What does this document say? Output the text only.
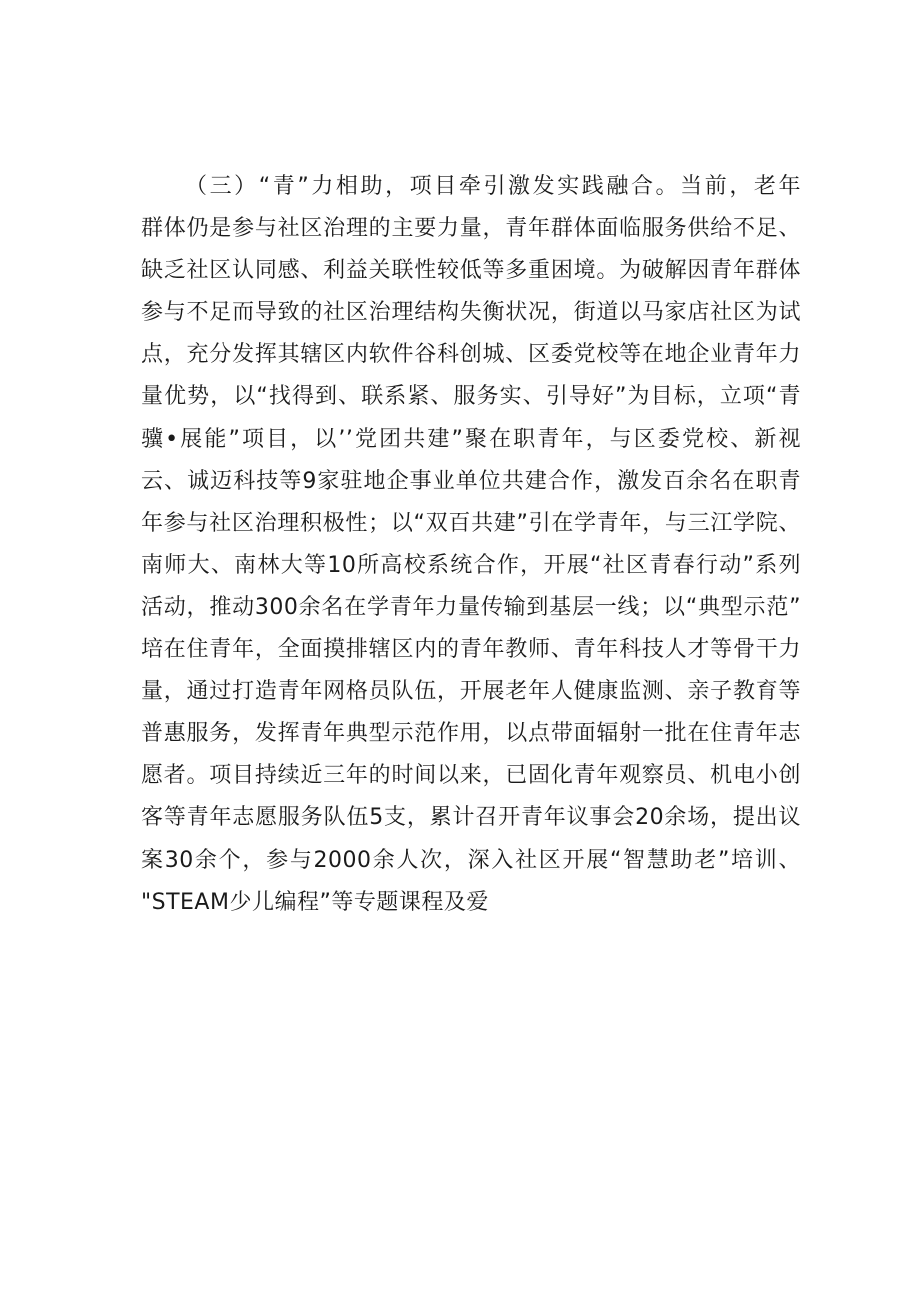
（三）“青”力相助，项目牵引激发实践融合。当前，老年
群体仍是参与社区治理的主要力量，青年群体面临服务供给不足、
缺乏社区认同感、利益关联性较低等多重困境。为破解因青年群体
参与不足而导致的社区治理结构失衡状况，街道以马家店社区为试
点，充分发挥其辖区内软件谷科创城、区委党校等在地企业青年力
量优势，以“找得到、联系紧、服务实、引导好”为目标，立项“青
骥•展能”项目，以’’党团共建”聚在职青年，与区委党校、新视
云、诚迈科技等9家驻地企事业单位共建合作，激发百余名在职青
年参与社区治理积极性；以“双百共建”引在学青年，与三江学院、
南师大、南林大等10所高校系统合作，开展“社区青春行动”系列
活动，推动300余名在学青年力量传输到基层一线；以“典型示范”
培在住青年，全面摸排辖区内的青年教师、青年科技人才等骨干力
量，通过打造青年网格员队伍，开展老年人健康监测、亲子教育等
普惠服务，发挥青年典型示范作用，以点带面辐射一批在住青年志
愿者。项目持续近三年的时间以来，已固化青年观察员、机电小创
客等青年志愿服务队伍5支，累计召开青年议事会20余场，提出议
案30余个，参与2000余人次，深入社区开展“智慧助老”培训、
"STEAM少儿编程”等专题课程及爱
